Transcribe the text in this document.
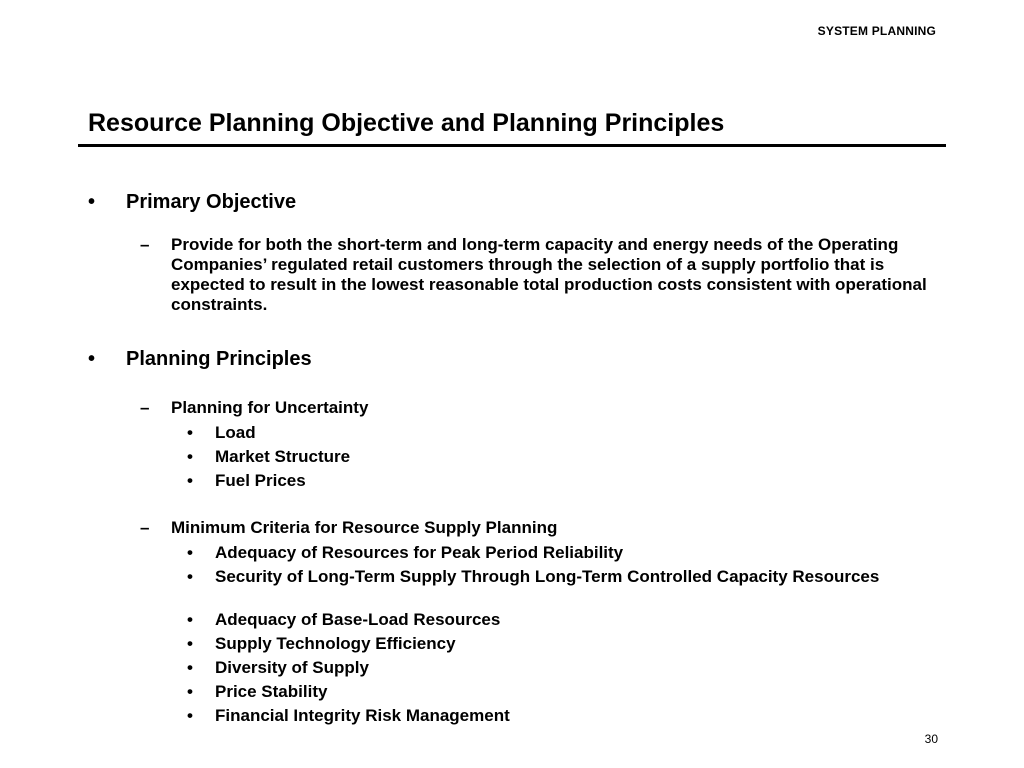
SYSTEM PLANNING
Resource Planning Objective and Planning Principles
• Primary Objective
– Provide for both the short-term and long-term capacity and energy needs of the Operating Companies’ regulated retail customers through the selection of a supply portfolio that is expected to result in the lowest reasonable total production costs consistent with operational constraints.
• Planning Principles
– Planning for Uncertainty
• Load
• Market Structure
• Fuel Prices
– Minimum Criteria for Resource Supply Planning
• Adequacy of Resources for Peak Period Reliability
• Security of Long-Term Supply Through Long-Term Controlled Capacity Resources
• Adequacy of Base-Load Resources
• Supply Technology Efficiency
• Diversity of Supply
• Price Stability
• Financial Integrity Risk Management
30
